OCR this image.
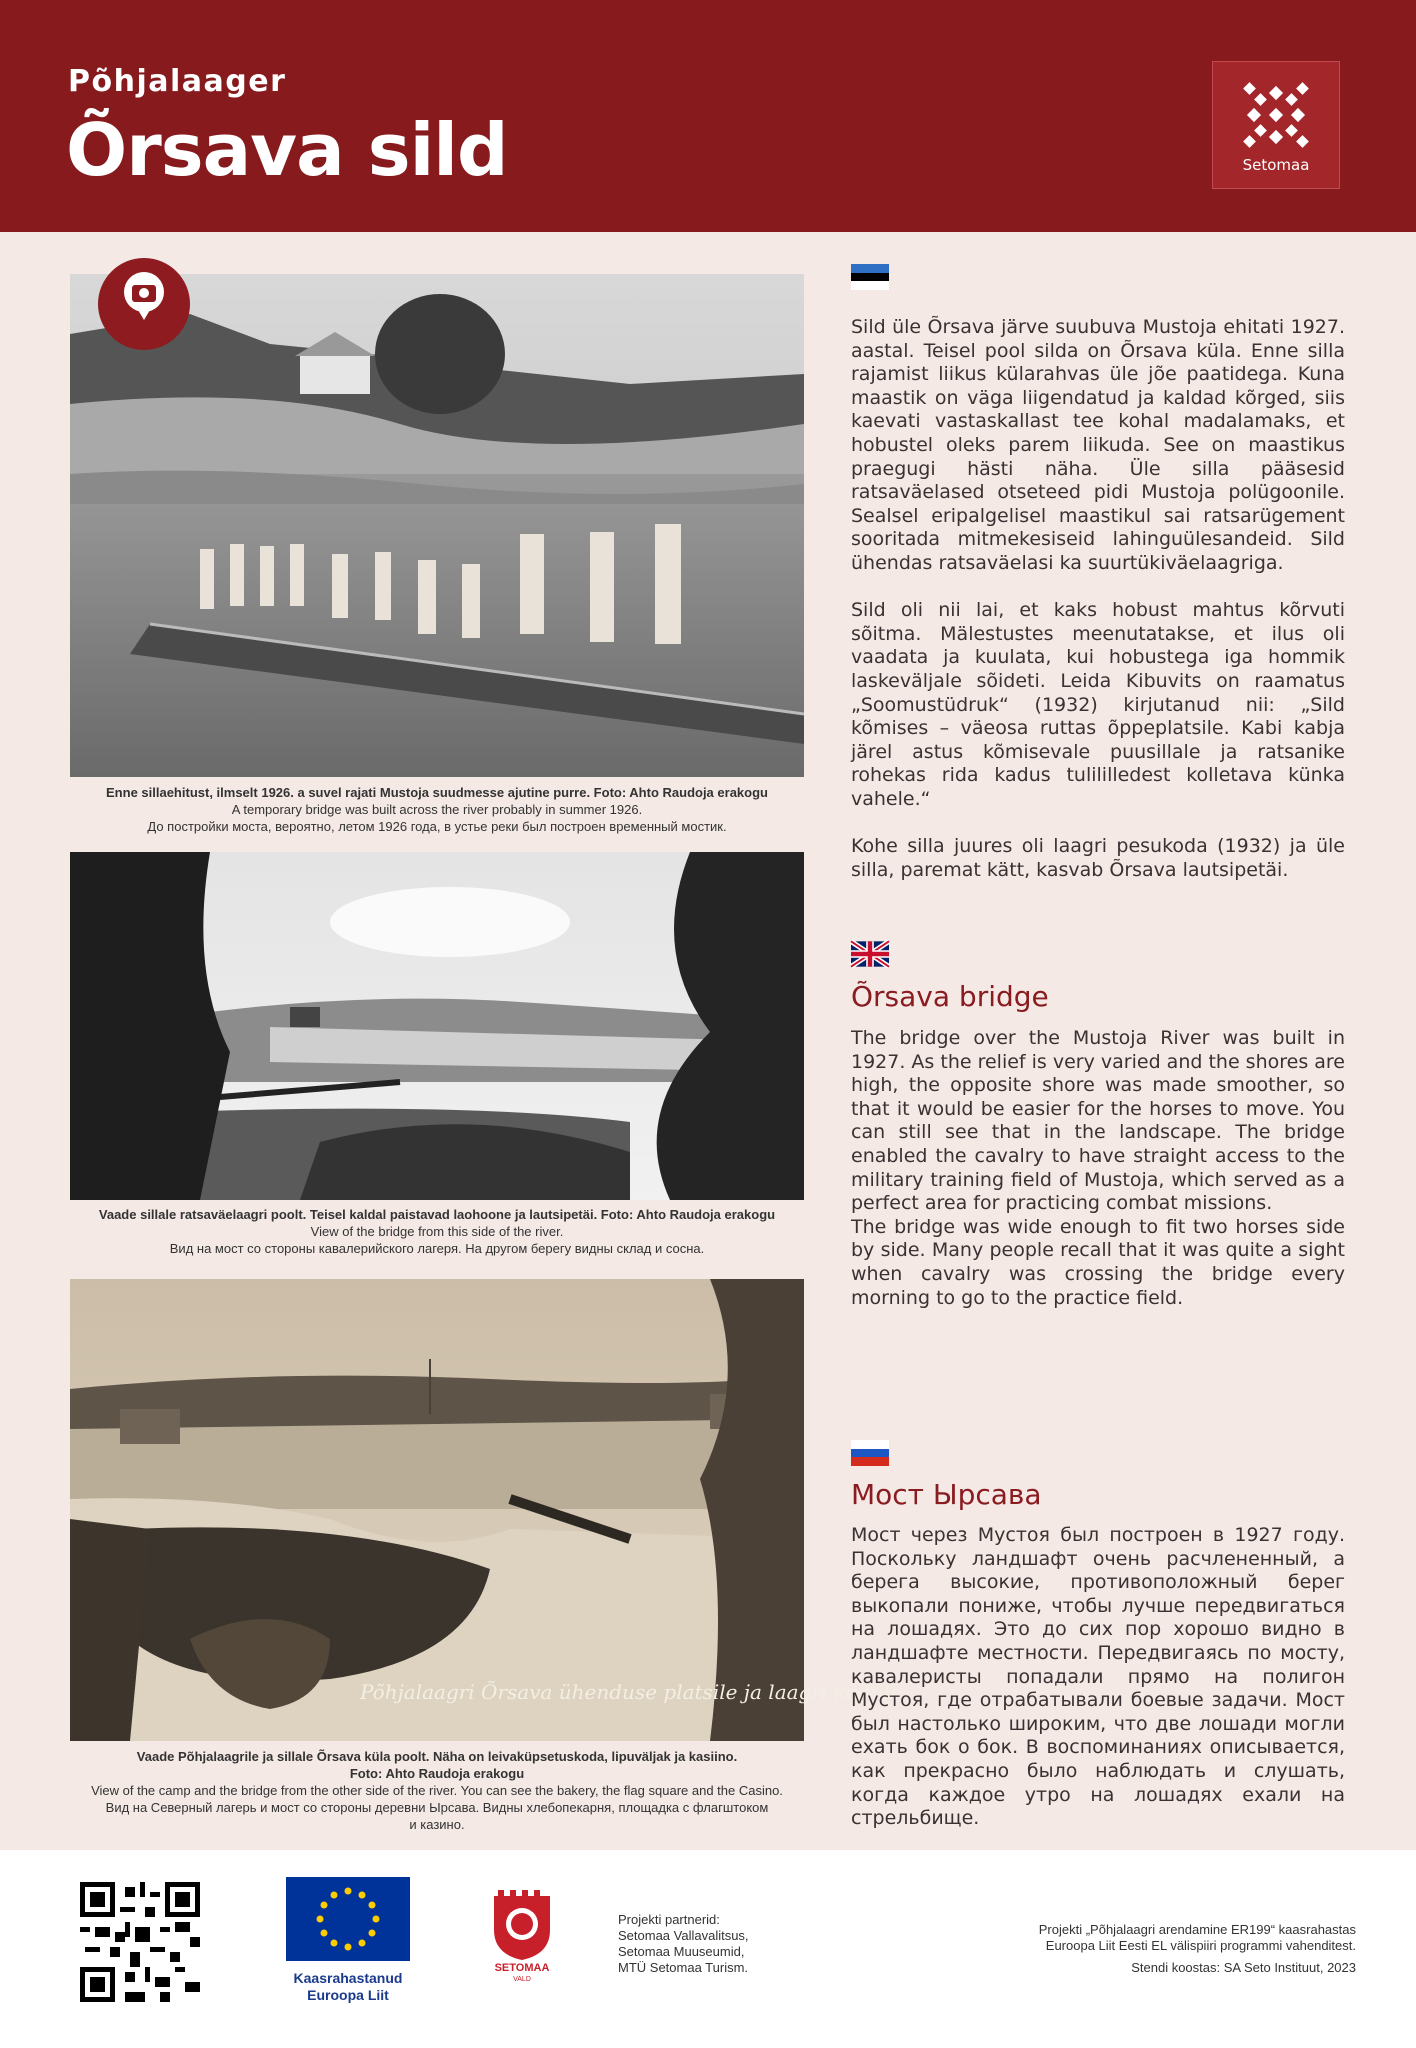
Põhjalaager
Õrsava sild	Setomaa
Enne sillaehitust, ilmselt 1926. a suvel rajati Mustoja suudmesse ajutine purre. Foto: Ahto Raudoja erakogu
A temporary bridge was built across the river probably in summer 1926.
До постройки моста, вероятно, летом 1926 года, в устье реки был построен временный мостик.
Vaade sillale ratsaväelaagri poolt. Teisel kaldal paistavad laohoone ja lautsipetäi. Foto: Ahto Raudoja erakogu
View of the bridge from this side of the river.
Вид на мост со стороны кавалерийского лагеря. На другом берегу видны склад и сосна.
Põhjalaagri Õrsava ühenduse platsile ja laagri kõdule
Vaade Põhjalaagrile ja sillale Õrsava küla poolt. Näha on leivaküpsetuskoda, lipuväljak ja kasiino.
Foto: Ahto Raudoja erakogu
View of the camp and the bridge from the other side of the river. You can see the bakery, the flag square and the Casino.
Вид на Северный лагерь и мост со стороны деревни Ырсава. Видны хлебопекарня, площадка с флагштоком
и казино.

Sild üle Õrsava järve suubuva Mustoja ehitati 1927. aastal. Teisel pool silda on Õrsava küla. Enne silla rajamist liikus külarahvas üle jõe paatidega. Kuna maastik on väga liigendatud ja kaldad kõrged, siis kaevati vastaskallast tee kohal madalamaks, et hobustel oleks parem liikuda. See on maastikus praegugi hästi näha. Üle silla pääsesid ratsaväelased otseteed pidi Mustoja polügoonile. Sealsel eripalgelisel maastikul sai ratsarügement sooritada mitmekesiseid lahinguülesandeid. Sild ühendas ratsaväelasi ka suurtükiväelaagriga.

Sild oli nii lai, et kaks hobust mahtus kõrvuti sõitma. Mälestustes meenutatakse, et ilus oli vaadata ja kuulata, kui hobustega iga hommik laskeväljale sõideti. Leida Kibuvits on raamatus „Soomustüdruk“ (1932) kirjutanud nii: „Sild kõmises – väeosa ruttas õppeplatsile. Kabi kabja järel astus kõmisevale puusillale ja ratsanike rohekas rida kadus tulililledest kolletava künka vahele.“

Kohe silla juures oli laagri pesukoda (1932) ja üle silla, paremat kätt, kasvab Õrsava lautsipetäi.

Õrsava bridge
The bridge over the Mustoja River was built in 1927. As the relief is very varied and the shores are high, the opposite shore was made smoother, so that it would be easier for the horses to move. You can still see that in the landscape. The bridge enabled the cavalry to have straight access to the military training field of Mustoja, which served as a perfect area for practicing combat missions.
The bridge was wide enough to fit two horses side by side. Many people recall that it was quite a sight when cavalry was crossing the bridge every morning to go to the practice field.
Мост Ырсава
Мост через Мустоя был построен в 1927 году. Поскольку ландшафт очень расчлененный, а берега высокие, противоположный берег выкопали пониже, чтобы лучше передвигаться на лошадях. Это до сих пор хорошо видно в ландшафте местности. Передвигаясь по мосту, кавалеристы попадали прямо на полигон Мустоя, где отрабатывали боевые задачи. Мост был настолько широким, что две лошади могли ехать бок о бок. В воспоминаниях описывается, как прекрасно было наблюдать и слушать, когда каждое утро на лошадях ехали на стрельбище.
Kaasrahastanud
Euroopa Liit
SETOMAA
VALD
Projekti partnerid:
Setomaa Vallavalitsus,
Setomaa Muuseumid,
MTÜ Setomaa Turism.
Projekti „Põhjalaagri arendamine ER199“ kaasrahastas
Euroopa Liit Eesti EL välispiiri programmi vahenditest.
Stendi koostas: SA Seto Instituut, 2023
